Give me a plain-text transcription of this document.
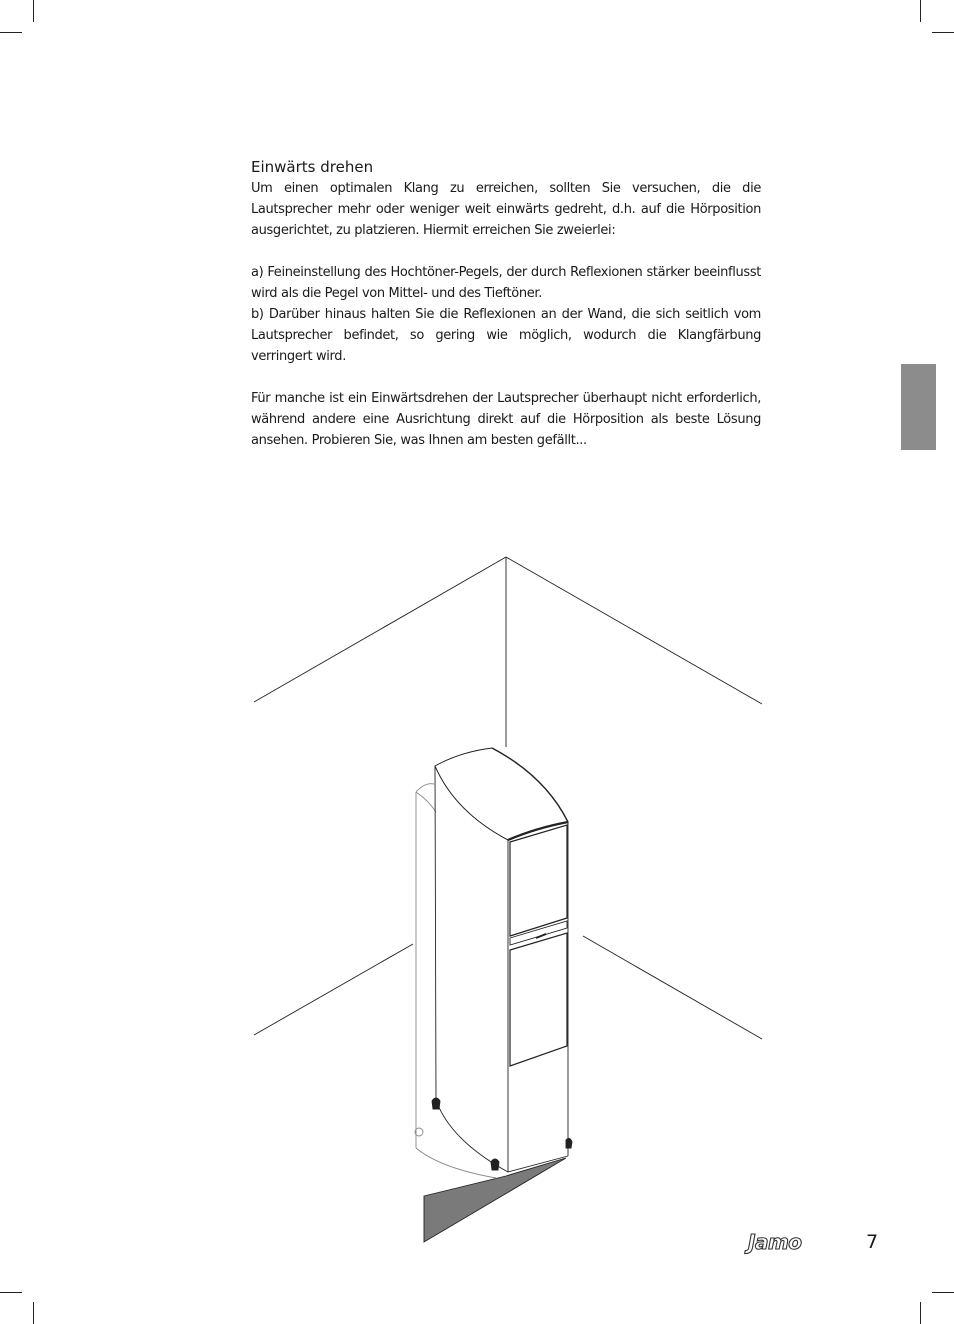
Einwärts drehen

Um einen optimalen Klang zu erreichen, sollten Sie versuchen, die die Lautsprecher mehr oder weniger weit einwärts gedreht, d.h. auf die Hörposition ausgerichtet, zu platzieren. Hiermit erreichen Sie zweierlei:

a) Feineinstellung des Hochtöner-Pegels, der durch Reflexionen stärker beeinflusst wird als die Pegel von Mittel- und des Tieftöner.

b) Darüber hinaus halten Sie die Reflexionen an der Wand, die sich seitlich vom Lautsprecher befindet, so gering wie möglich, wodurch die Klangfärbung verringert wird.

Für manche ist ein Einwärtsdrehen der Lautsprecher überhaupt nicht erforderlich, während andere eine Ausrichtung direkt auf die Hörposition als beste Lösung ansehen. Probieren Sie, was Ihnen am besten gefällt...

Jamo	7
